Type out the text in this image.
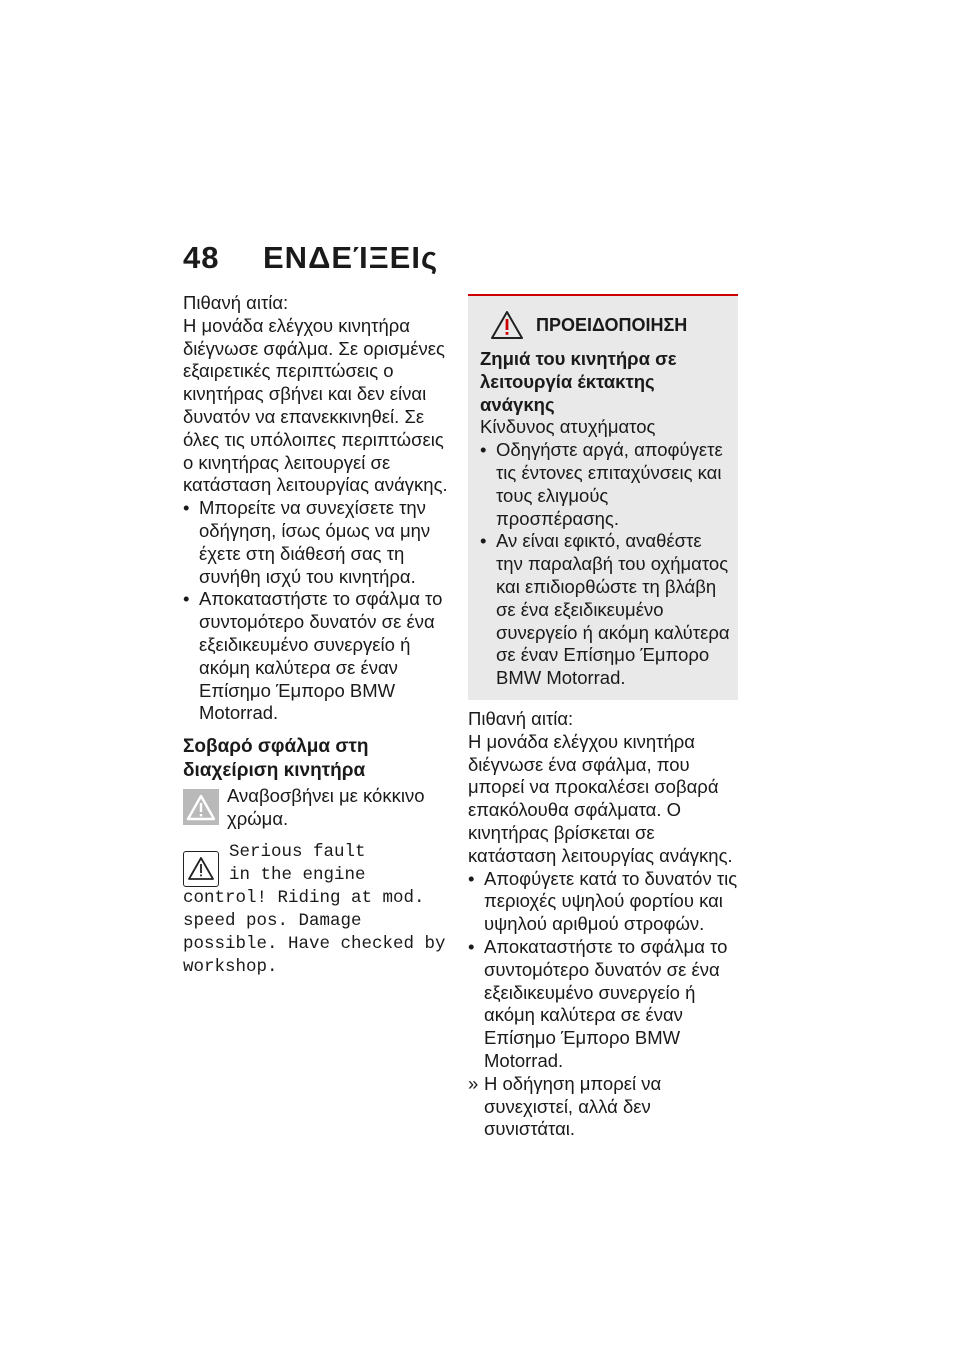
48 ΕΝΔΕΊΞΕΙς

Πιθανή αιτία:

Η μονάδα ελέγχου κινητήρα διέγνωσε σφάλμα. Σε ορισμένες εξαιρετικές περιπτώσεις ο κινητήρας σβήνει και δεν είναι δυνατόν να επανεκκινηθεί. Σε όλες τις υπόλοιπες περιπτώσεις ο κινητήρας λειτουργεί σε κατάσταση λειτουργίας ανάγκης.

• Μπορείτε να συνεχίσετε την οδήγηση, ίσως όμως να μην έχετε στη διάθεσή σας τη συνήθη ισχύ του κινητήρα.
• Αποκαταστήστε το σφάλμα το συντομότερο δυνατόν σε ένα εξειδικευμένο συνεργείο ή ακόμη καλύτερα σε έναν Επίσημο Έμπορο BMW Motorrad.
Σοβαρό σφάλμα στη διαχείριση κινητήρα
Αναβοσβήνει με κόκκινο χρώμα.
Serious fault
in the engine
control! Riding at mod. speed pos. Damage possible. Have checked by workshop.
ΠΡΟΕΙΔΟΠΟΙΗΣΗ
Ζημιά του κινητήρα σε λειτουργία έκτακτης ανάγκης
Κίνδυνος ατυχήματος
• Οδηγήστε αργά, αποφύγετε τις έντονες επιταχύνσεις και τους ελιγμούς προσπέρασης.
• Αν είναι εφικτό, αναθέστε την παραλαβή του οχήματος και επιδιορθώστε τη βλάβη σε ένα εξειδικευμένο συνεργείο ή ακόμη καλύτερα σε έναν Επίσημο Έμπορο BMW Motorrad.

Πιθανή αιτία:

Η μονάδα ελέγχου κινητήρα διέγνωσε ένα σφάλμα, που μπορεί να προκαλέσει σοβαρά επακόλουθα σφάλματα. Ο κινητήρας βρίσκεται σε κατάσταση λειτουργίας ανάγκης.

• Αποφύγετε κατά το δυνατόν τις περιοχές υψηλού φορτίου και υψηλού αριθμού στροφών.
• Αποκαταστήστε το σφάλμα το συντομότερο δυνατόν σε ένα εξειδικευμένο συνεργείο ή ακόμη καλύτερα σε έναν Επίσημο Έμπορο BMW Motorrad.
» Η οδήγηση μπορεί να συνεχιστεί, αλλά δεν συνιστάται.
